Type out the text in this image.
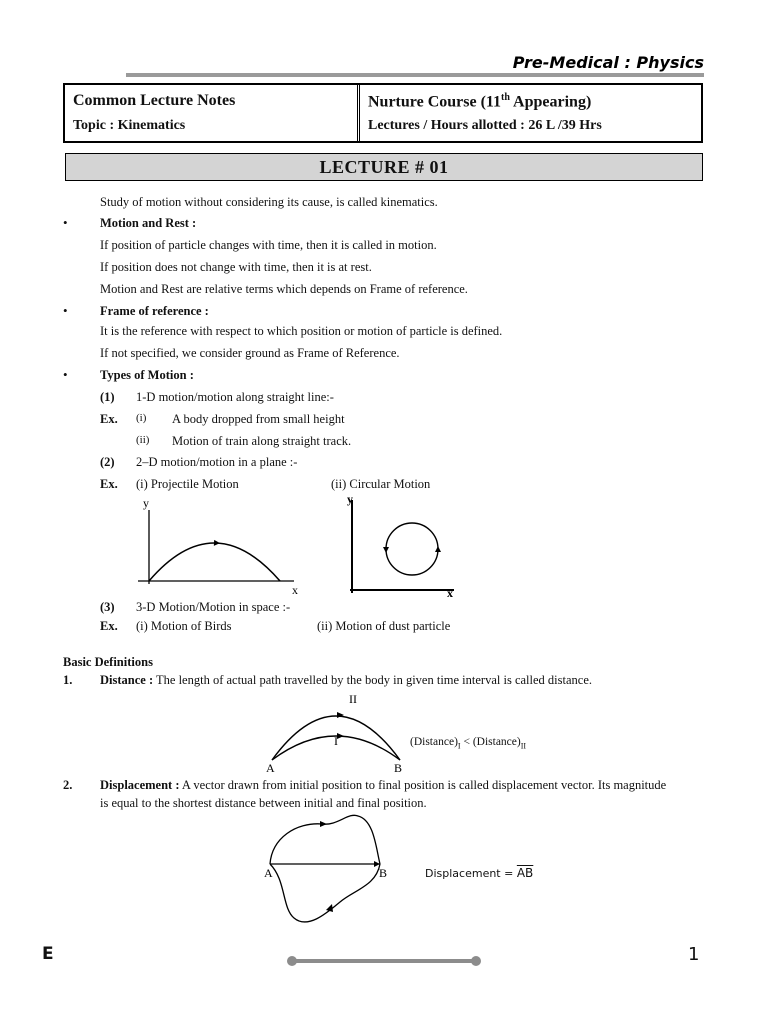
Pre-Medical : Physics
Common Lecture Notes
Topic : Kinematics
Nurture Course (11th Appearing)
Lectures / Hours allotted : 26 L /39 Hrs
LECTURE # 01
Study of motion without considering its cause, is called kinematics.
•	Motion and Rest :
If position of particle changes with time, then it is called in motion.
If position does not change with time, then it is at rest.
Motion and Rest are relative terms which depends on Frame of reference.
•	Frame of reference :
It is the reference with respect to which position or motion of particle is defined.
If not specified, we consider ground as Frame of Reference.
•	Types of Motion :
(1) 1-D motion/motion along straight line:-
Ex. (i) A body dropped from small height
(ii) Motion of train along straight track.
(2) 2–D motion/motion in a plane :-
Ex. (i) Projectile Motion	(ii) Circular Motion
y
x
y
x
(3) 3-D Motion/Motion in space :-
Ex. (i) Motion of Birds	(ii) Motion of dust particle
Basic Definitions
1. Distance : The length of actual path travelled by the body in given time interval is called distance.
II
I
A	B
$(Distance)_I$ < $(Distance)_{II}$
2. Displacement : A vector drawn from initial position to final position is called displacement vector. Its magnitude
is equal to the shortest distance between initial and final position.
A	B	Displacement = $\overline{AB}$
E	1
